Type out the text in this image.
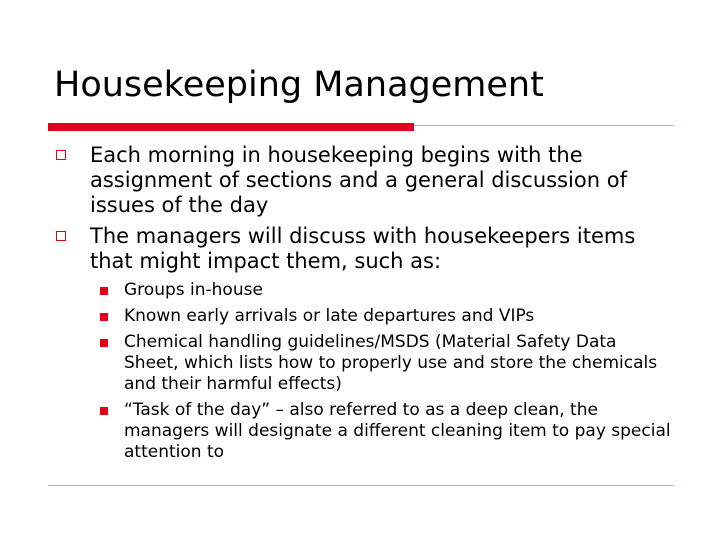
Housekeeping Management
Each morning in housekeeping begins with the assignment of sections and a general discussion of issues of the day
The managers will discuss with housekeepers items that might impact them, such as:
Groups in-house
Known early arrivals or late departures and VIPs
Chemical handling guidelines/MSDS (Material Safety Data Sheet, which lists how to properly use and store the chemicals and their harmful effects)
“Task of the day” – also referred to as a deep clean, the managers will designate a different cleaning item to pay special attention to
